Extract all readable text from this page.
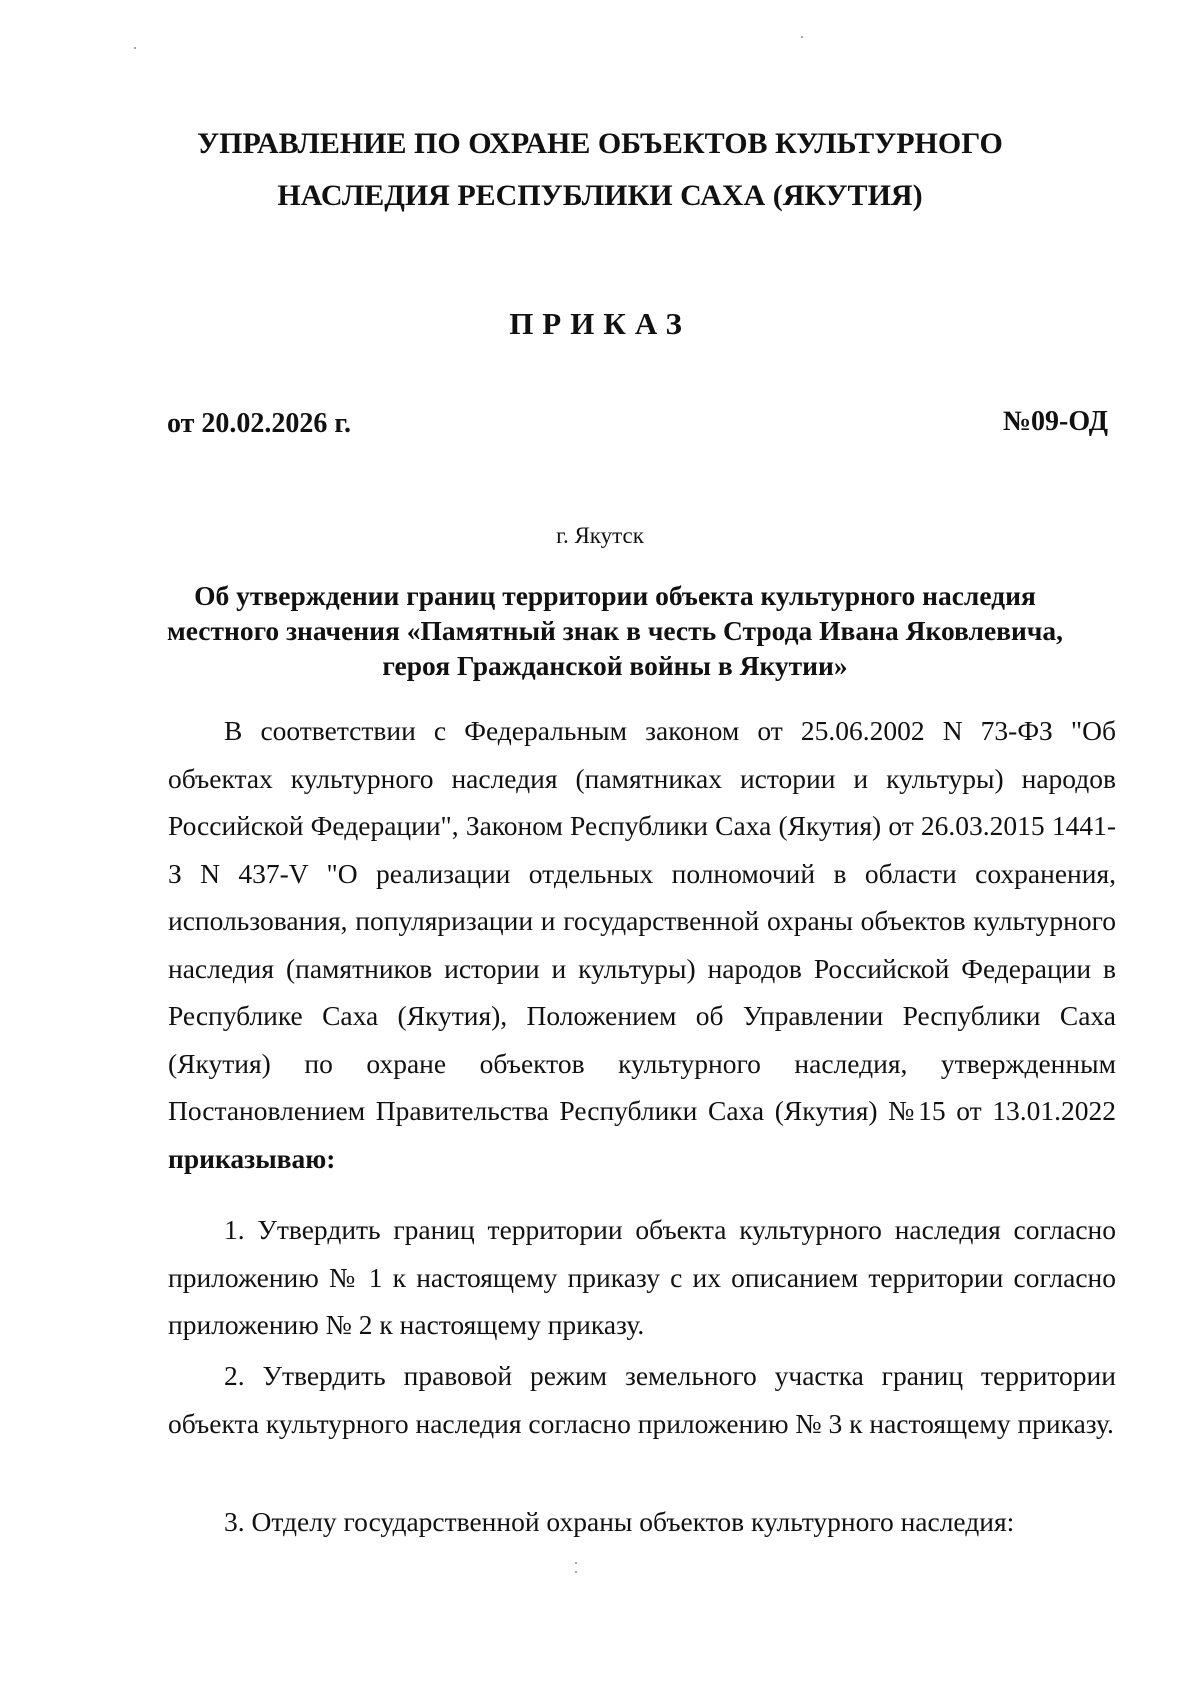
УПРАВЛЕНИЕ ПО ОХРАНЕ ОБЪЕКТОВ КУЛЬТУРНОГО
НАСЛЕДИЯ РЕСПУБЛИКИ САХА (ЯКУТИЯ)
ПРИКАЗ

от 20.02.2026 г.	№09-ОД

г. Якутск

Об утверждении границ территории объекта культурного наследия
местного значения «Памятный знак в честь Строда Ивана Яковлевича,
героя Гражданской войны в Якутии»

В соответствии с Федеральным законом от 25.06.2002 N 73-ФЗ "Об объектах культурного наследия (памятниках истории и культуры) народов Российской Федерации", Законом Республики Саха (Якутия) от 26.03.2015 1441-З N 437-V "О реализации отдельных полномочий в области сохранения, использования, популяризации и государственной охраны объектов культурного наследия (памятников истории и культуры) народов Российской Федерации в Республике Саха (Якутия), Положением об Управлении Республики Саха (Якутия) по охране объектов культурного наследия, утвержденным Постановлением Правительства Республики Саха (Якутия) №15 от 13.01.2022 приказываю:

1. Утвердить границ территории объекта культурного наследия согласно приложению № 1 к настоящему приказу с их описанием территории согласно приложению № 2 к настоящему приказу.

2. Утвердить правовой режим земельного участка границ территории объекта культурного наследия согласно приложению № 3 к настоящему приказу.

3. Отделу государственной охраны объектов культурного наследия:
